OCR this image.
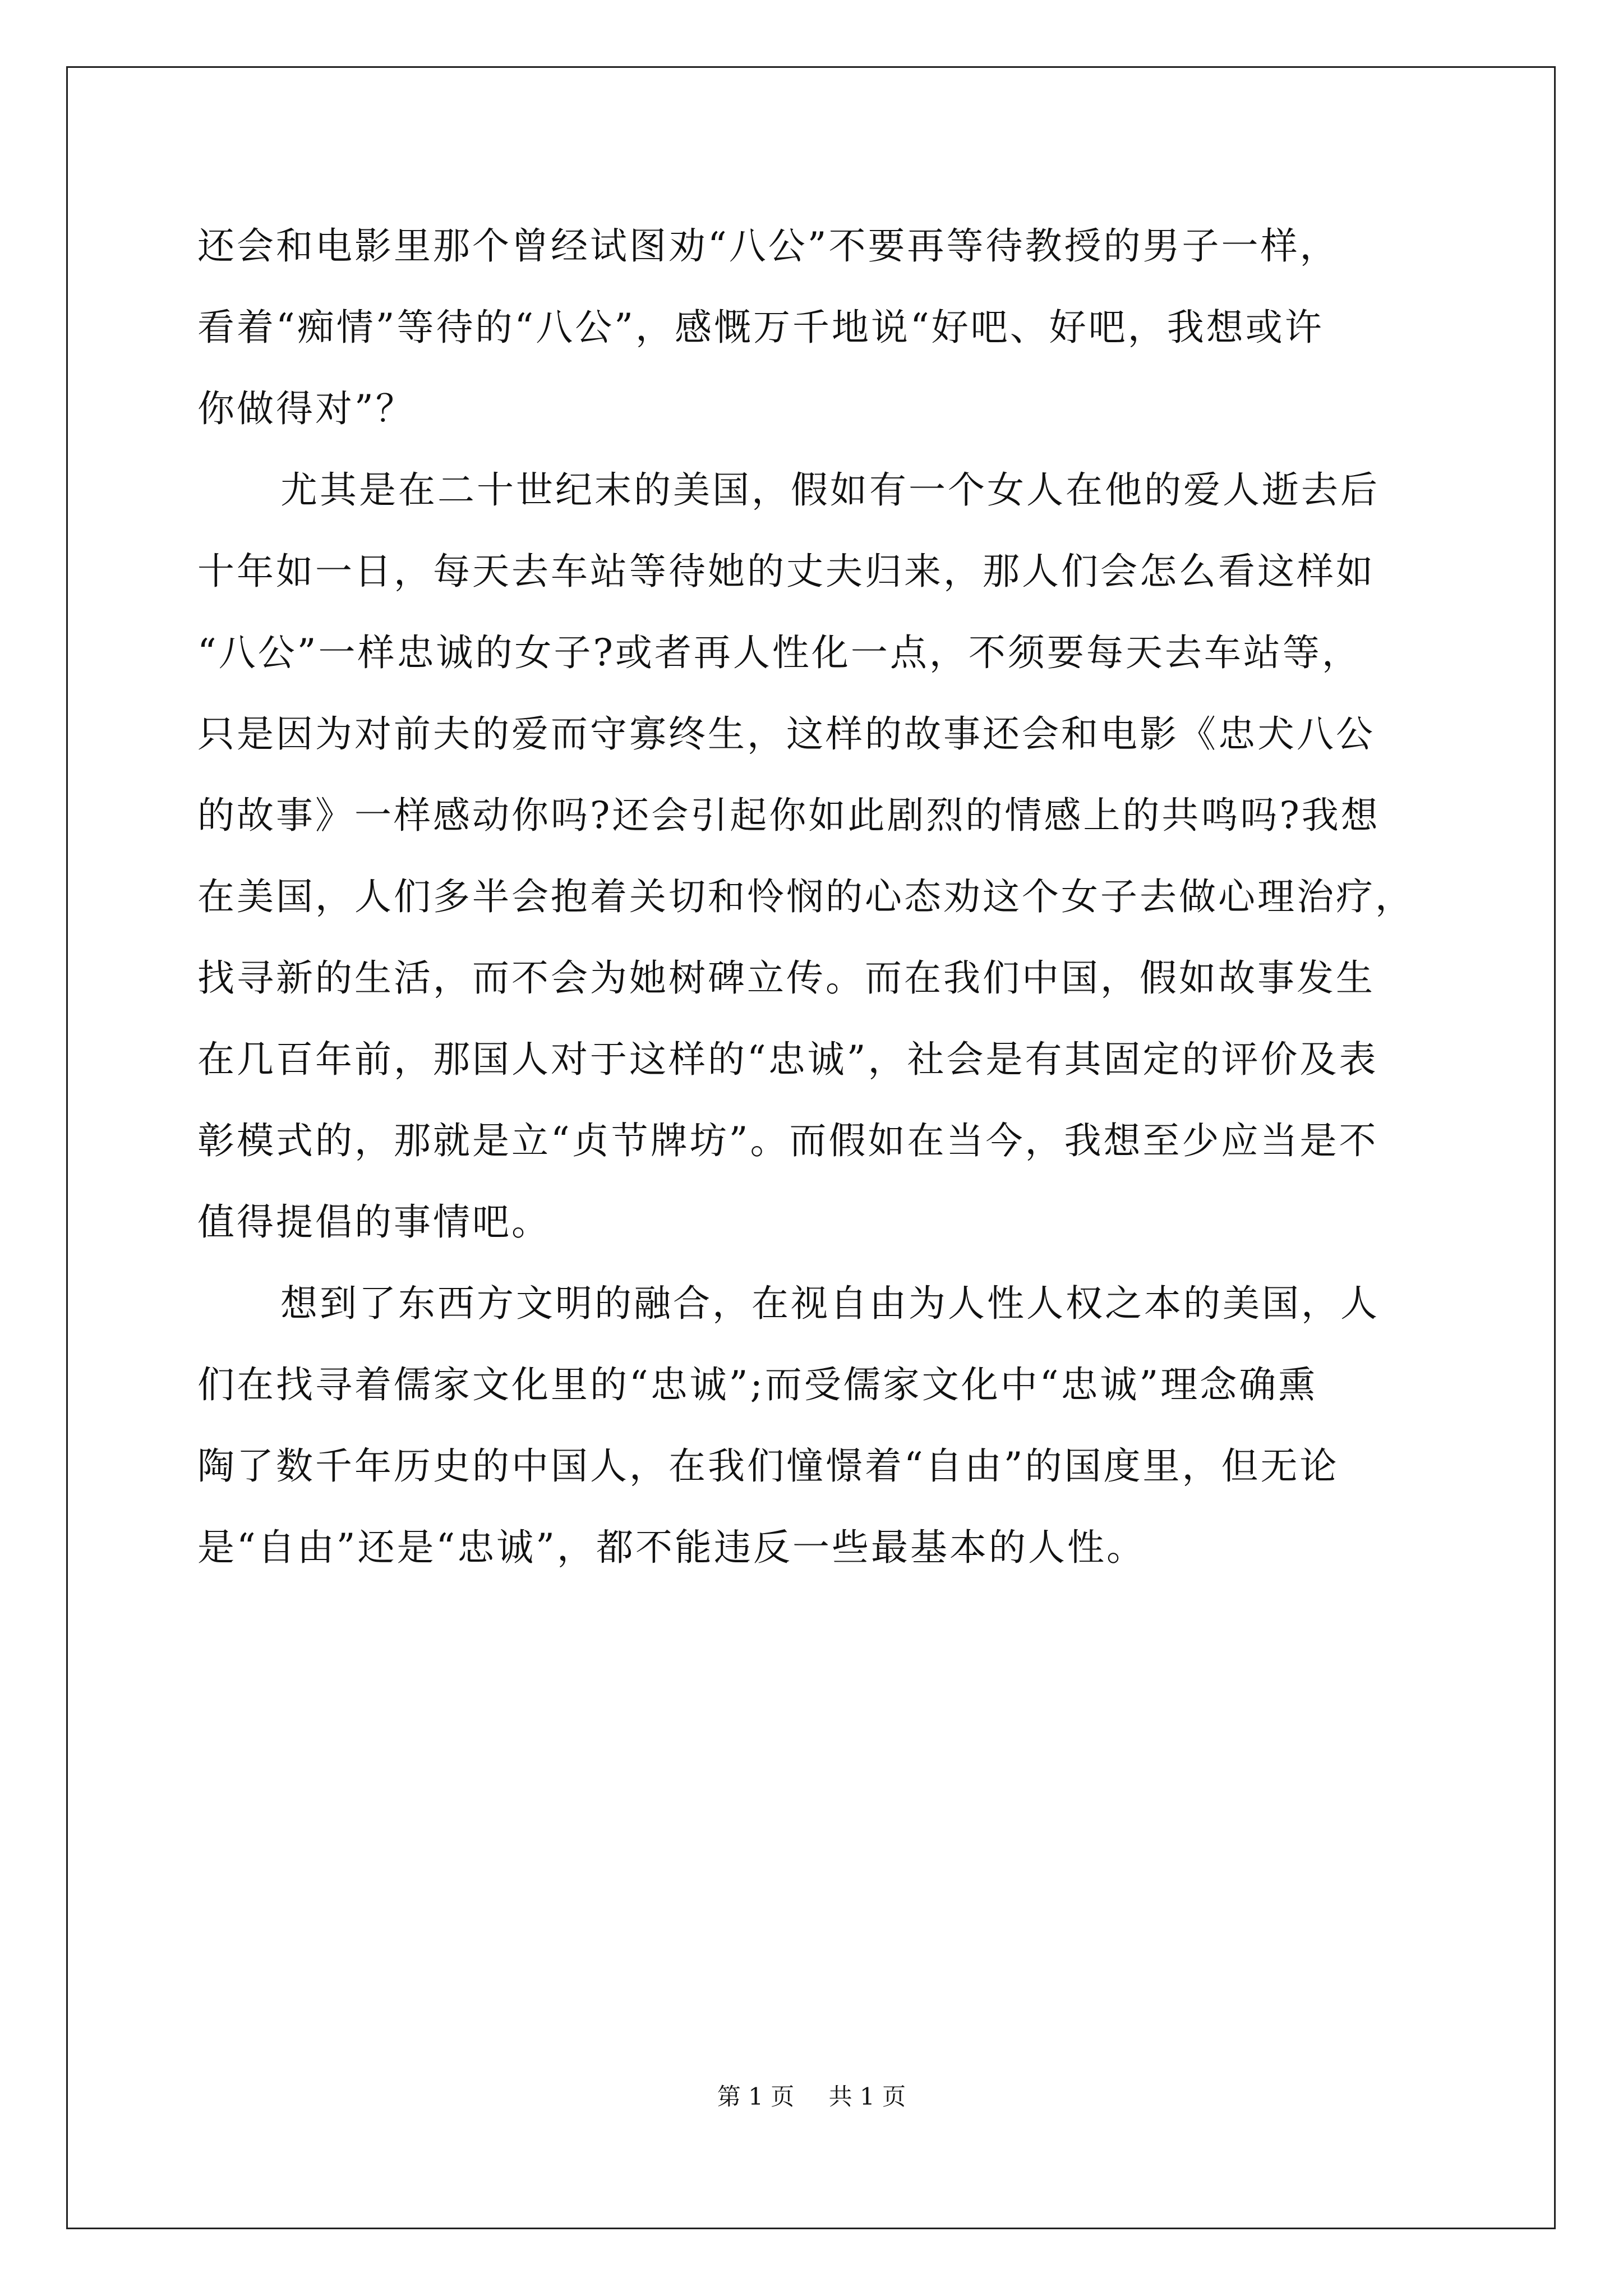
还会和电影里那个曾经试图劝“八公”不要再等待教授的男子一样，
看着“痴情”等待的“八公”，感慨万千地说“好吧、好吧，我想或许
你做得对”？
尤其是在二十世纪末的美国，假如有一个女人在他的爱人逝去后
十年如一日，每天去车站等待她的丈夫归来，那人们会怎么看这样如
“八公”一样忠诚的女子?或者再人性化一点，不须要每天去车站等，
只是因为对前夫的爱而守寡终生，这样的故事还会和电影《忠犬八公
的故事》一样感动你吗?还会引起你如此剧烈的情感上的共鸣吗?我想
在美国，人们多半会抱着关切和怜悯的心态劝这个女子去做心理治疗，
找寻新的生活，而不会为她树碑立传。而在我们中国，假如故事发生
在几百年前，那国人对于这样的“忠诚”，社会是有其固定的评价及表
彰模式的，那就是立“贞节牌坊”。而假如在当今，我想至少应当是不
值得提倡的事情吧。
想到了东西方文明的融合，在视自由为人性人权之本的美国，人
们在找寻着儒家文化里的“忠诚”;而受儒家文化中“忠诚”理念确熏
陶了数千年历史的中国人，在我们憧憬着“自由”的国度里，但无论
是“自由”还是“忠诚”，都不能违反一些最基本的人性。
第 1 页 共 1 页
